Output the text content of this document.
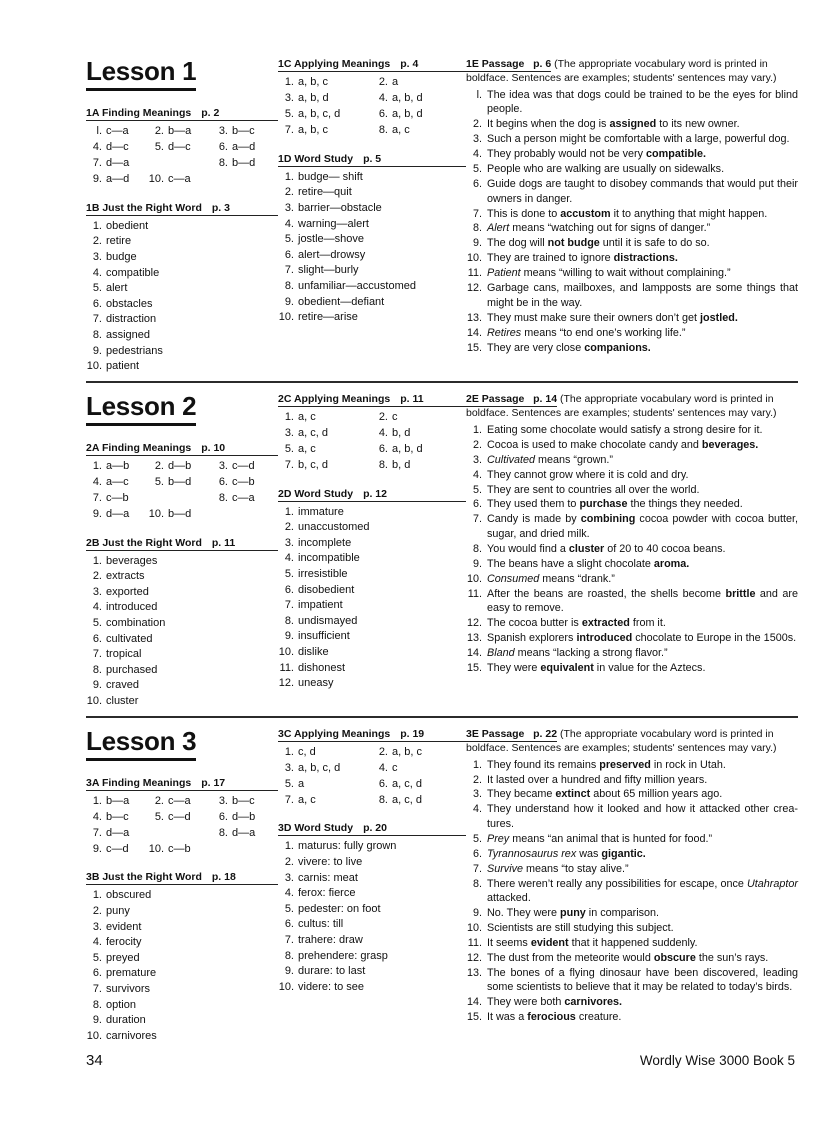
Lesson 1
1A Finding Meanings p. 2
l. c—a	2. b—a	3. b—c
4. d—c	5. d—c	6. a—d
7. d—a	8. b—d
9. a—d 10. c—a
1B Just the Right Word p. 3
1. obedient
2. retire
3. budge
4. compatible
5. alert
6. obstacles
7. distraction
8. assigned
9. pedestrians
10. patient
1C Applying Meanings p. 4
1. a, b, c	2. a
3. a, b, d	4. a, b, d
5. a, b, c, d	6. a, b, d
7. a, b, c	8. a, c
1D Word Study p. 5
1. budge— shift
2. retire—quit
3. barrier—obstacle
4. warning—alert
5. jostle—shove
6. alert—drowsy
7. slight—burly
8. unfamiliar—accustomed
9. obedient—defiant
10. retire—arise
1E Passage   p. 6 (The appropriate vocabulary word is printed in boldface. Sentences are examples; students' sentences may vary.)
l. The idea was that dogs could be trained to be the eyes for blind people.
2. It begins when the dog is assigned to its new owner.
3. Such a person might be comfortable with a large, powerful dog.
4. They probably would not be very compatible.
5. People who are walking are usually on sidewalks.
6. Guide dogs are taught to disobey commands that would put their owners in danger.
7. This is done to accustom it to anything that might happen.
8. Alert means “watching out for signs of danger.”
9. The dog will not budge until it is safe to do so.
10. They are trained to ignore distractions.
11. Patient means “willing to wait without complaining.”
12. Garbage cans, mailboxes, and lampposts are some things that might be in the way.
13. They must make sure their owners don’t get jostled.
14. Retires means “to end one’s working life.”
15. They are very close companions.
Lesson 2
2A Finding Meanings p. 10
1. a—b	2. d—b	3. c—d
4. a—c	5. b—d	6. c—b
7. c—b	8. c—a
9. d—a 10. b—d
2B Just the Right Word p. 11
1. beverages
2. extracts
3. exported
4. introduced
5. combination
6. cultivated
7. tropical
8. purchased
9. craved
10. cluster
2C Applying Meanings p. 11
1. a, c	2. c
3. a, c, d	4. b, d
5. a, c	6. a, b, d
7. b, c, d	8. b, d
2D Word Study p. 12
1. immature
2. unaccustomed
3. incomplete
4. incompatible
5. irresistible
6. disobedient
7. impatient
8. undismayed
9. insufficient
10. dislike
11. dishonest
12. uneasy
2E Passage   p. 14 (The appropriate vocabulary word is printed in boldface. Sentences are examples; students' sentences may vary.)
1. Eating some chocolate would satisfy a strong desire for it.
2. Cocoa is used to make chocolate candy and beverages.
3. Cultivated means “grown.”
4. They cannot grow where it is cold and dry.
5. They are sent to countries all over the world.
6. They used them to purchase the things they needed.
7. Candy is made by combining cocoa powder with cocoa butter, sugar, and dried milk.
8. You would find a cluster of 20 to 40 cocoa beans.
9. The beans have a slight chocolate aroma.
10. Consumed means “drank.”
11. After the beans are roasted, the shells become brittle and are easy to remove.
12. The cocoa butter is extracted from it.
13. Spanish explorers introduced chocolate to Europe in the 1500s.
14. Bland means “lacking a strong flavor.”
15. They were equivalent in value for the Aztecs.
Lesson 3
3A Finding Meanings p. 17
1. b—a	2. c—a	3. b—c
4. b—c	5. c—d	6. d—b
7. d—a	8. d—a
9. c—d 10. c—b
3B Just the Right Word p. 18
1. obscured
2. puny
3. evident
4. ferocity
5. preyed
6. premature
7. survivors
8. option
9. duration
10. carnivores
3C Applying Meanings p. 19
1. c, d	2. a, b, c
3. a, b, c, d	4. c
5. a	6. a, c, d
7. a, c	8. a, c, d
3D Word Study p. 20
1. maturus: fully grown
2. vivere: to live
3. carnis: meat
4. ferox: fierce
5. pedester: on foot
6. cultus: till
7. trahere: draw
8. prehendere: grasp
9. durare: to last
10. videre: to see
3E Passage   p. 22 (The appropriate vocabulary word is printed in boldface. Sentences are examples; students' sentences may vary.)
1. They found its remains preserved in rock in Utah.
2. It lasted over a hundred and fifty million years.
3. They became extinct about 65 million years ago.
4. They understand how it looked and how it attacked other crea-tures.
5. Prey means “an animal that is hunted for food.”
6. Tyrannosaurus rex was gigantic.
7. Survive means “to stay alive.”
8. There weren’t really any possibilities for escape, once Utahraptor attacked.
9. No. They were puny in comparison.
10. Scientists are still studying this subject.
11. It seems evident that it happened suddenly.
12. The dust from the meteorite would obscure the sun’s rays.
13. The bones of a flying dinosaur have been discovered, leading some scientists to believe that it may be related to today’s birds.
14. They were both carnivores.
15. It was a ferocious creature.
34	Wordly Wise 3000 Book 5
